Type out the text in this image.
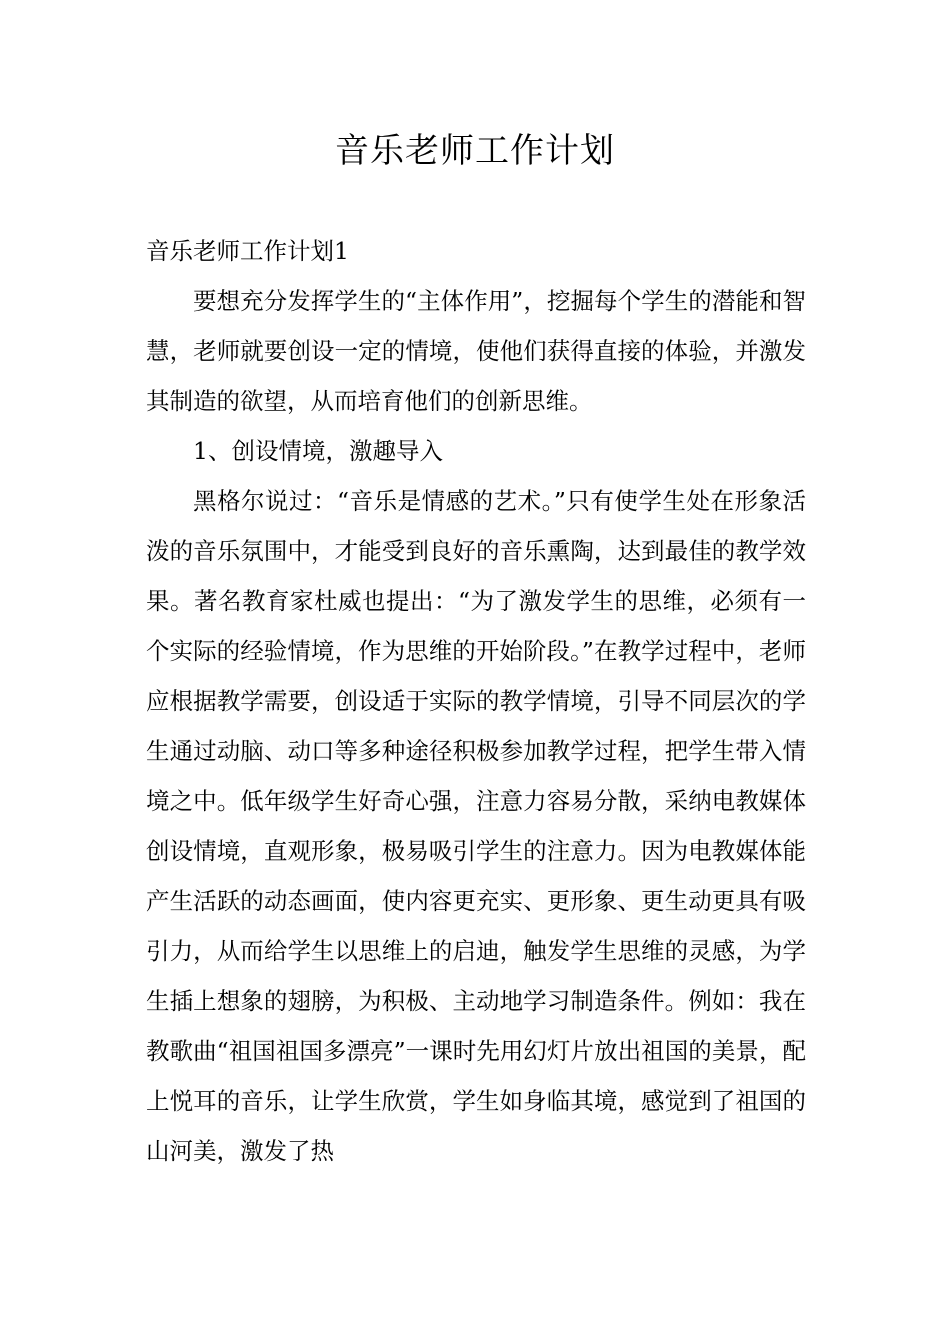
音乐老师工作计划
音乐老师工作计划1

要想充分发挥学生的“主体作用”，挖掘每个学生的潜能和智慧，老师就要创设一定的情境，使他们获得直接的体验，并激发其制造的欲望，从而培育他们的创新思维。

1、创设情境，激趣导入

黑格尔说过：“音乐是情感的艺术。”只有使学生处在形象活泼的音乐氛围中，才能受到良好的音乐熏陶，达到最佳的教学效果。著名教育家杜威也提出：“为了激发学生的思维，必须有一个实际的经验情境，作为思维的开始阶段。”在教学过程中，老师应根据教学需要，创设适于实际的教学情境，引导不同层次的学生通过动脑、动口等多种途径积极参加教学过程，把学生带入情境之中。低年级学生好奇心强，注意力容易分散，采纳电教媒体创设情境，直观形象，极易吸引学生的注意力。因为电教媒体能产生活跃的动态画面，使内容更充实、更形象、更生动更具有吸引力，从而给学生以思维上的启迪，触发学生思维的灵感，为学生插上想象的翅膀，为积极、主动地学习制造条件。例如：我在教歌曲“祖国祖国多漂亮”一课时先用幻灯片放出祖国的美景，配上悦耳的音乐，让学生欣赏，学生如身临其境，感觉到了祖国的山河美，激发了热
